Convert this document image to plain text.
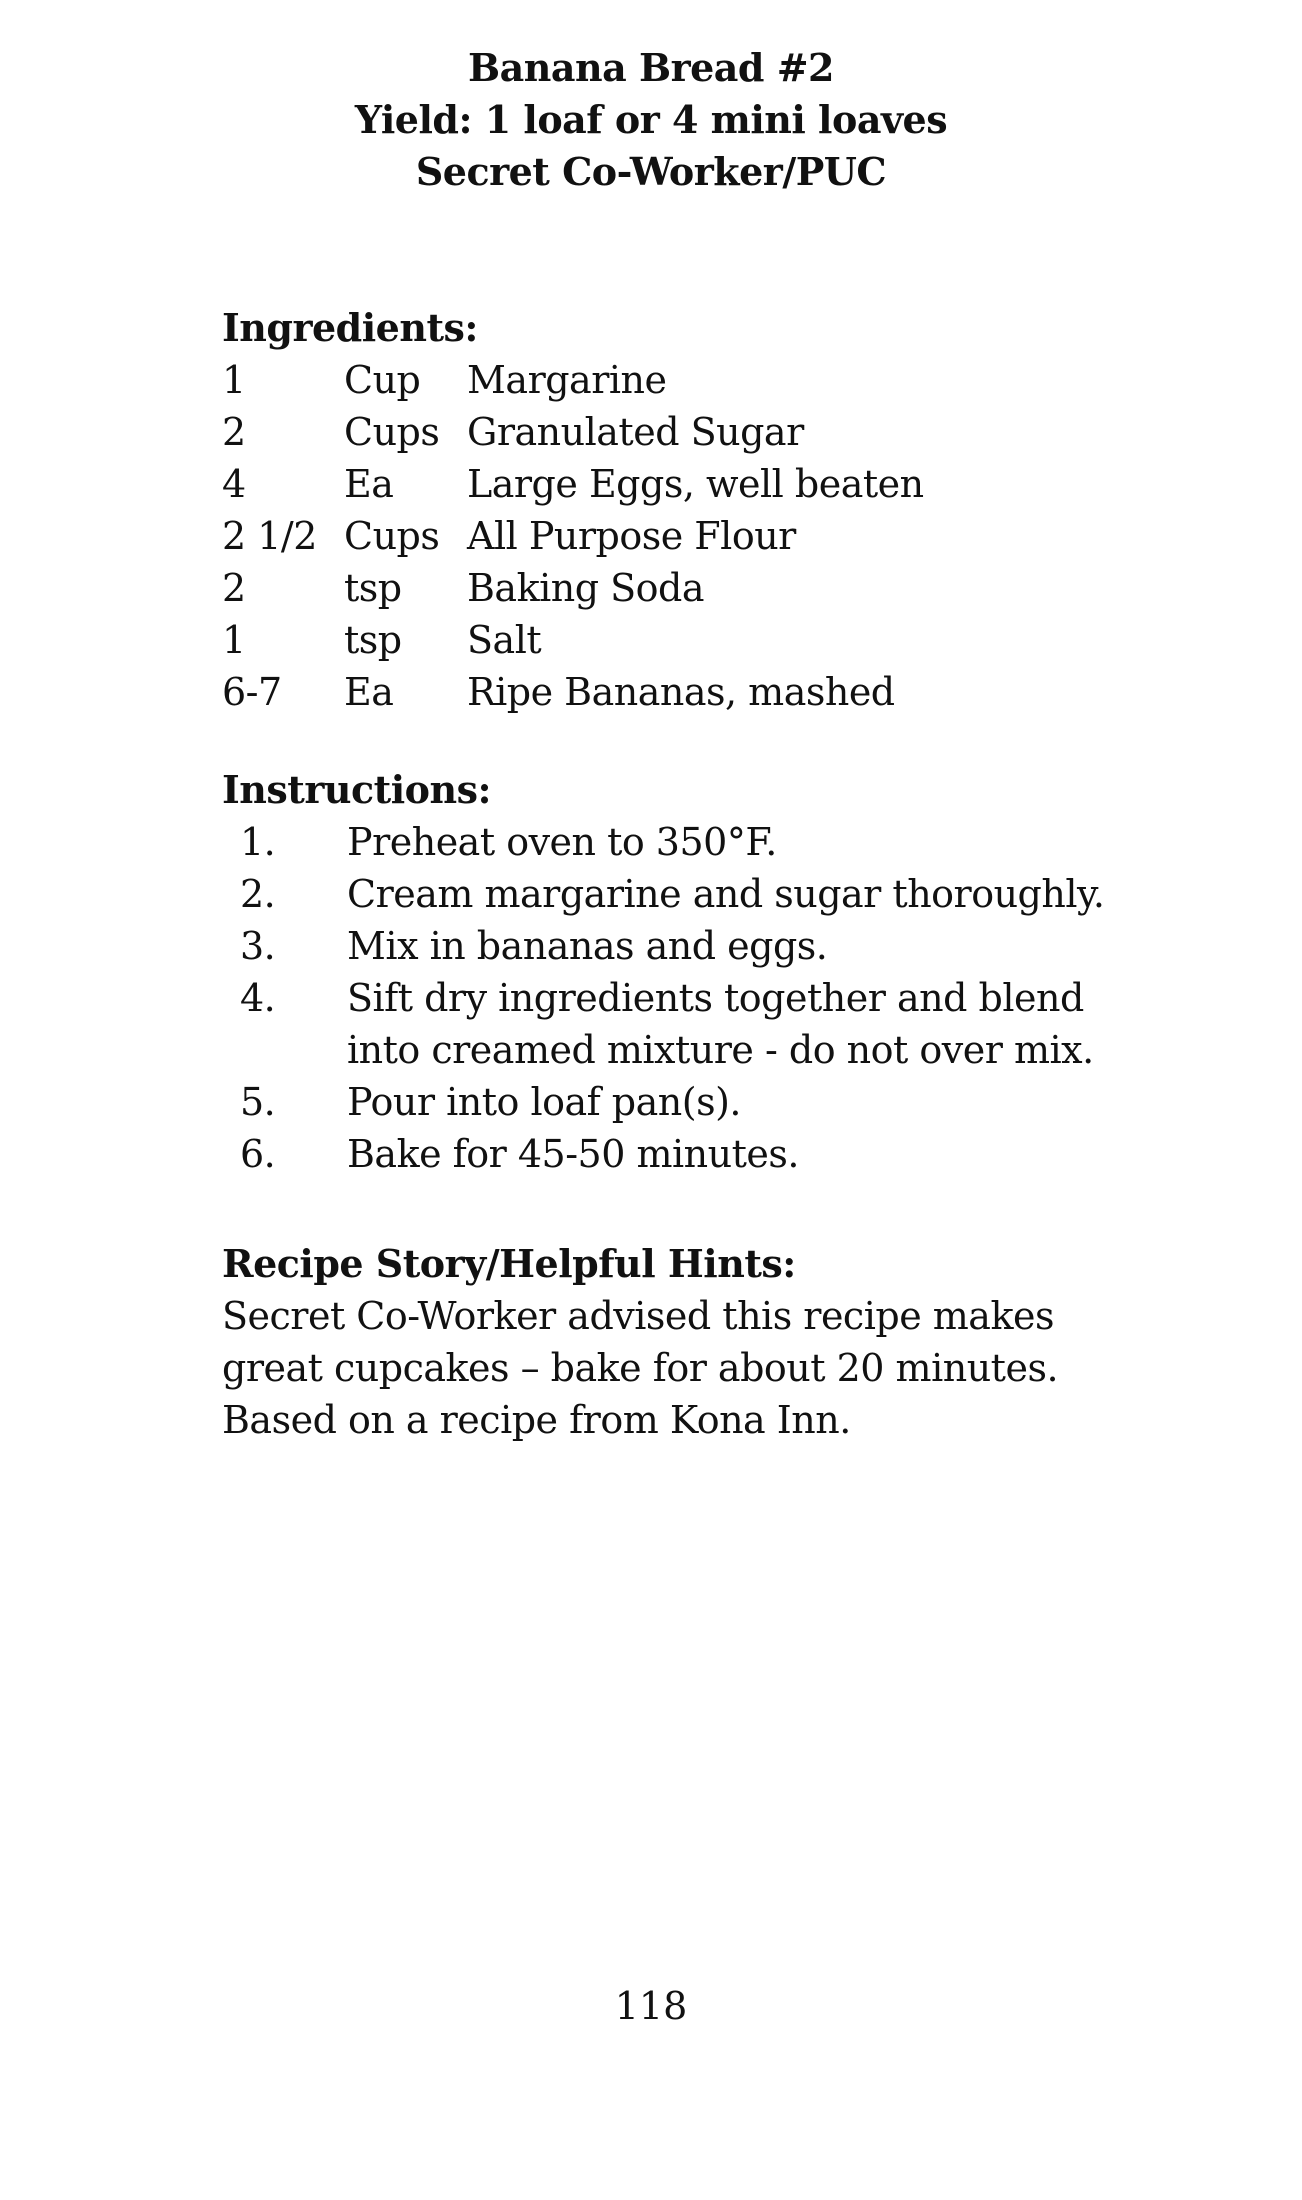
Banana Bread #2
Yield: 1 loaf or 4 mini loaves
Secret Co-Worker/PUC
Ingredients:
1	Cup	Margarine
2	Cups Granulated Sugar
4	Ea	Large Eggs, well beaten
2 1/2 Cups All Purpose Flour
2	tsp	Baking Soda
1	tsp	Salt
6-7	Ea	Ripe Bananas, mashed
Instructions:
1.	Preheat oven to 350°F.
2.	Cream margarine and sugar thoroughly.
3.	Mix in bananas and eggs.
4.	Sift dry ingredients together and blend into creamed mixture - do not over mix.
5.	Pour into loaf pan(s).
6.	Bake for 45-50 minutes.
Recipe Story/Helpful Hints:
Secret Co-Worker advised this recipe makes great cupcakes – bake for about 20 minutes. Based on a recipe from Kona Inn.
118
